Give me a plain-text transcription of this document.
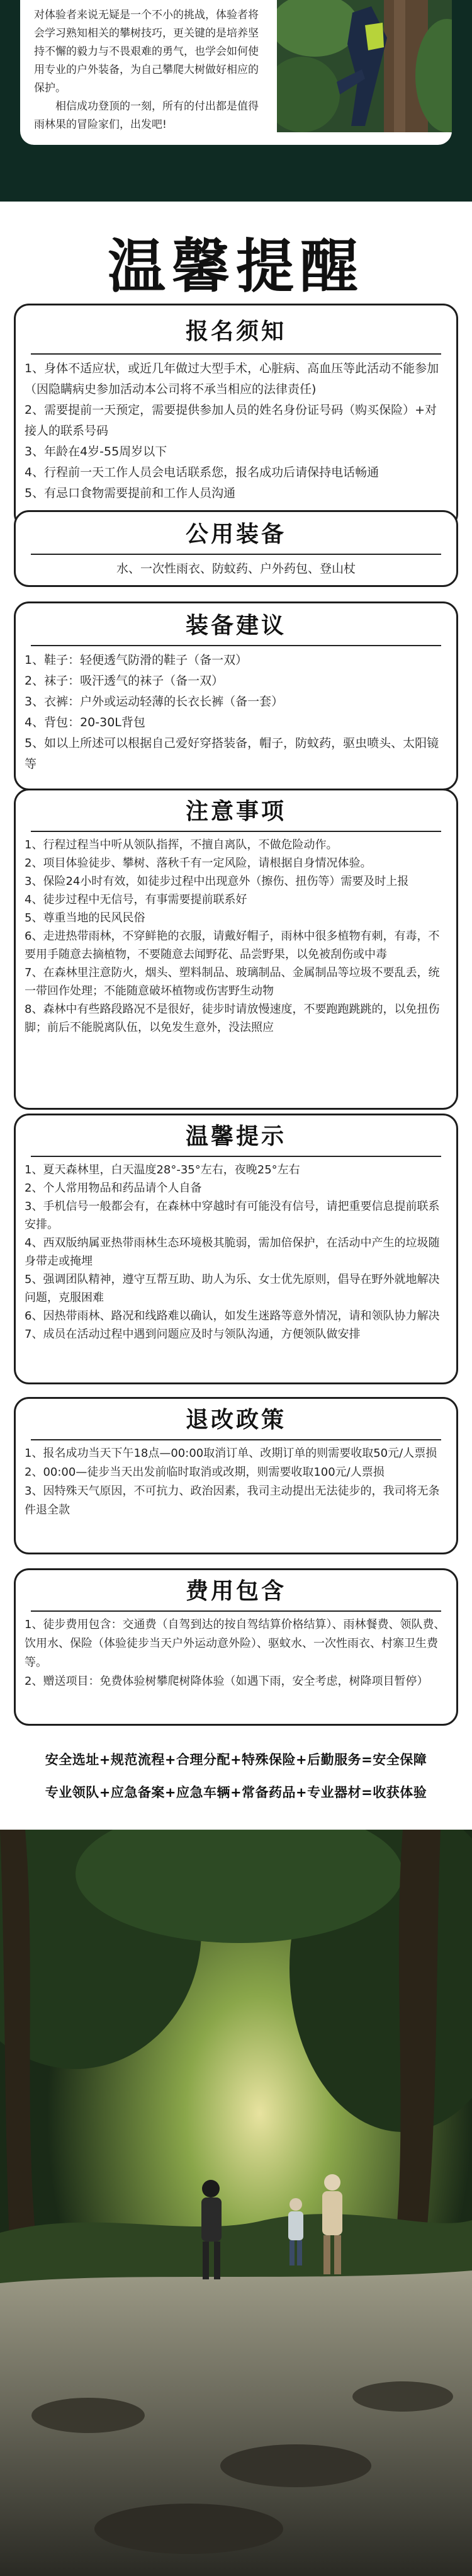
对体验者来说无疑是一个不小的挑战，体验者将会学习熟知相关的攀树技巧，更关键的是培养坚持不懈的毅力与不畏艰难的勇气，也学会如何使用专业的户外装备，为自己攀爬大树做好相应的保护。

相信成功登顶的一刻，所有的付出都是值得雨林果的冒险家们，出发吧!

温馨提醒
报名须知

1、身体不适应状，或近几年做过大型手术，心脏病、高血压等此活动不能参加（因隐瞒病史参加活动本公司将不承当相应的法律责任)

2、需要提前一天预定，需要提供参加人员的姓名身份证号码（购买保险）+对接人的联系号码

3、年龄在4岁-55周岁以下

4、行程前一天工作人员会电话联系您，报名成功后请保持电话畅通

5、有忌口食物需要提前和工作人员沟通

公用装备

水、一次性雨衣、防蚊药、户外药包、登山杖

装备建议

1、鞋子：轻便透气防滑的鞋子（备一双）

2、袜子：吸汗透气的袜子（备一双）

3、衣裤：户外或运动轻薄的长衣长裤（备一套）

4、背包：20-30L背包

5、如以上所述可以根据自己爱好穿搭装备，帽子，防蚊药，驱虫喷头、太阳镜等

注意事项

1、行程过程当中听从领队指挥，不擅自离队，不做危险动作。

2、项目体验徒步、攀树、落秋千有一定风险，请根据自身情况体验。

3、保险24小时有效，如徒步过程中出现意外（擦伤、扭伤等）需要及时上报

4、徒步过程中无信号，有事需要提前联系好

5、尊重当地的民风民俗

6、走进热带雨林，不穿鲜艳的衣服，请戴好帽子，雨林中很多植物有刺，有毒，不要用手随意去摘植物，不要随意去闻野花、品尝野果，以免被刮伤或中毒

7、在森林里注意防火，烟头、塑料制品、玻璃制品、金属制品等垃圾不要乱丢，统一带回作处理；不能随意破坏植物或伤害野生动物

8、森林中有些路段路况不是很好，徒步时请放慢速度，不要跑跑跳跳的，以免扭伤脚；前后不能脱离队伍，以免发生意外，没法照应

温馨提示

1、夏天森林里，白天温度28°-35°左右，夜晚25°左右

2、个人常用物品和药品请个人自备

3、手机信号一般都会有，在森林中穿越时有可能没有信号，请把重要信息提前联系安排。

4、西双版纳属亚热带雨林生态环境极其脆弱，需加倍保护，在活动中产生的垃圾随身带走或掩埋

5、强调团队精神，遵守互帮互助、助人为乐、女士优先原则，倡导在野外就地解决问题，克服困难

6、因热带雨林、路况和线路难以确认，如发生迷路等意外情况，请和领队协力解决

7、成员在活动过程中遇到问题应及时与领队沟通，方便领队做安排

退改政策

1、报名成功当天下午18点—00:00取消订单、改期订单的则需要收取50元/人票损

2、00:00—徒步当天出发前临时取消或改期，则需要收取100元/人票损

3、因特殊天气原因，不可抗力、政治因素，我司主动提出无法徒步的，我司将无条件退全款

费用包含

1、徒步费用包含：交通费（自驾到达的按自驾结算价格结算）、雨林餐费、领队费、饮用水、保险（体验徒步当天户外运动意外险）、驱蚊水、一次性雨衣、村寨卫生费等。

2、赠送项目：免费体验树攀爬树降体验（如遇下雨，安全考虑，树降项目暂停）

安全选址+规范流程+合理分配+特殊保险+后勤服务=安全保障
专业领队+应急备案+应急车辆+常备药品+专业器材=收获体验
